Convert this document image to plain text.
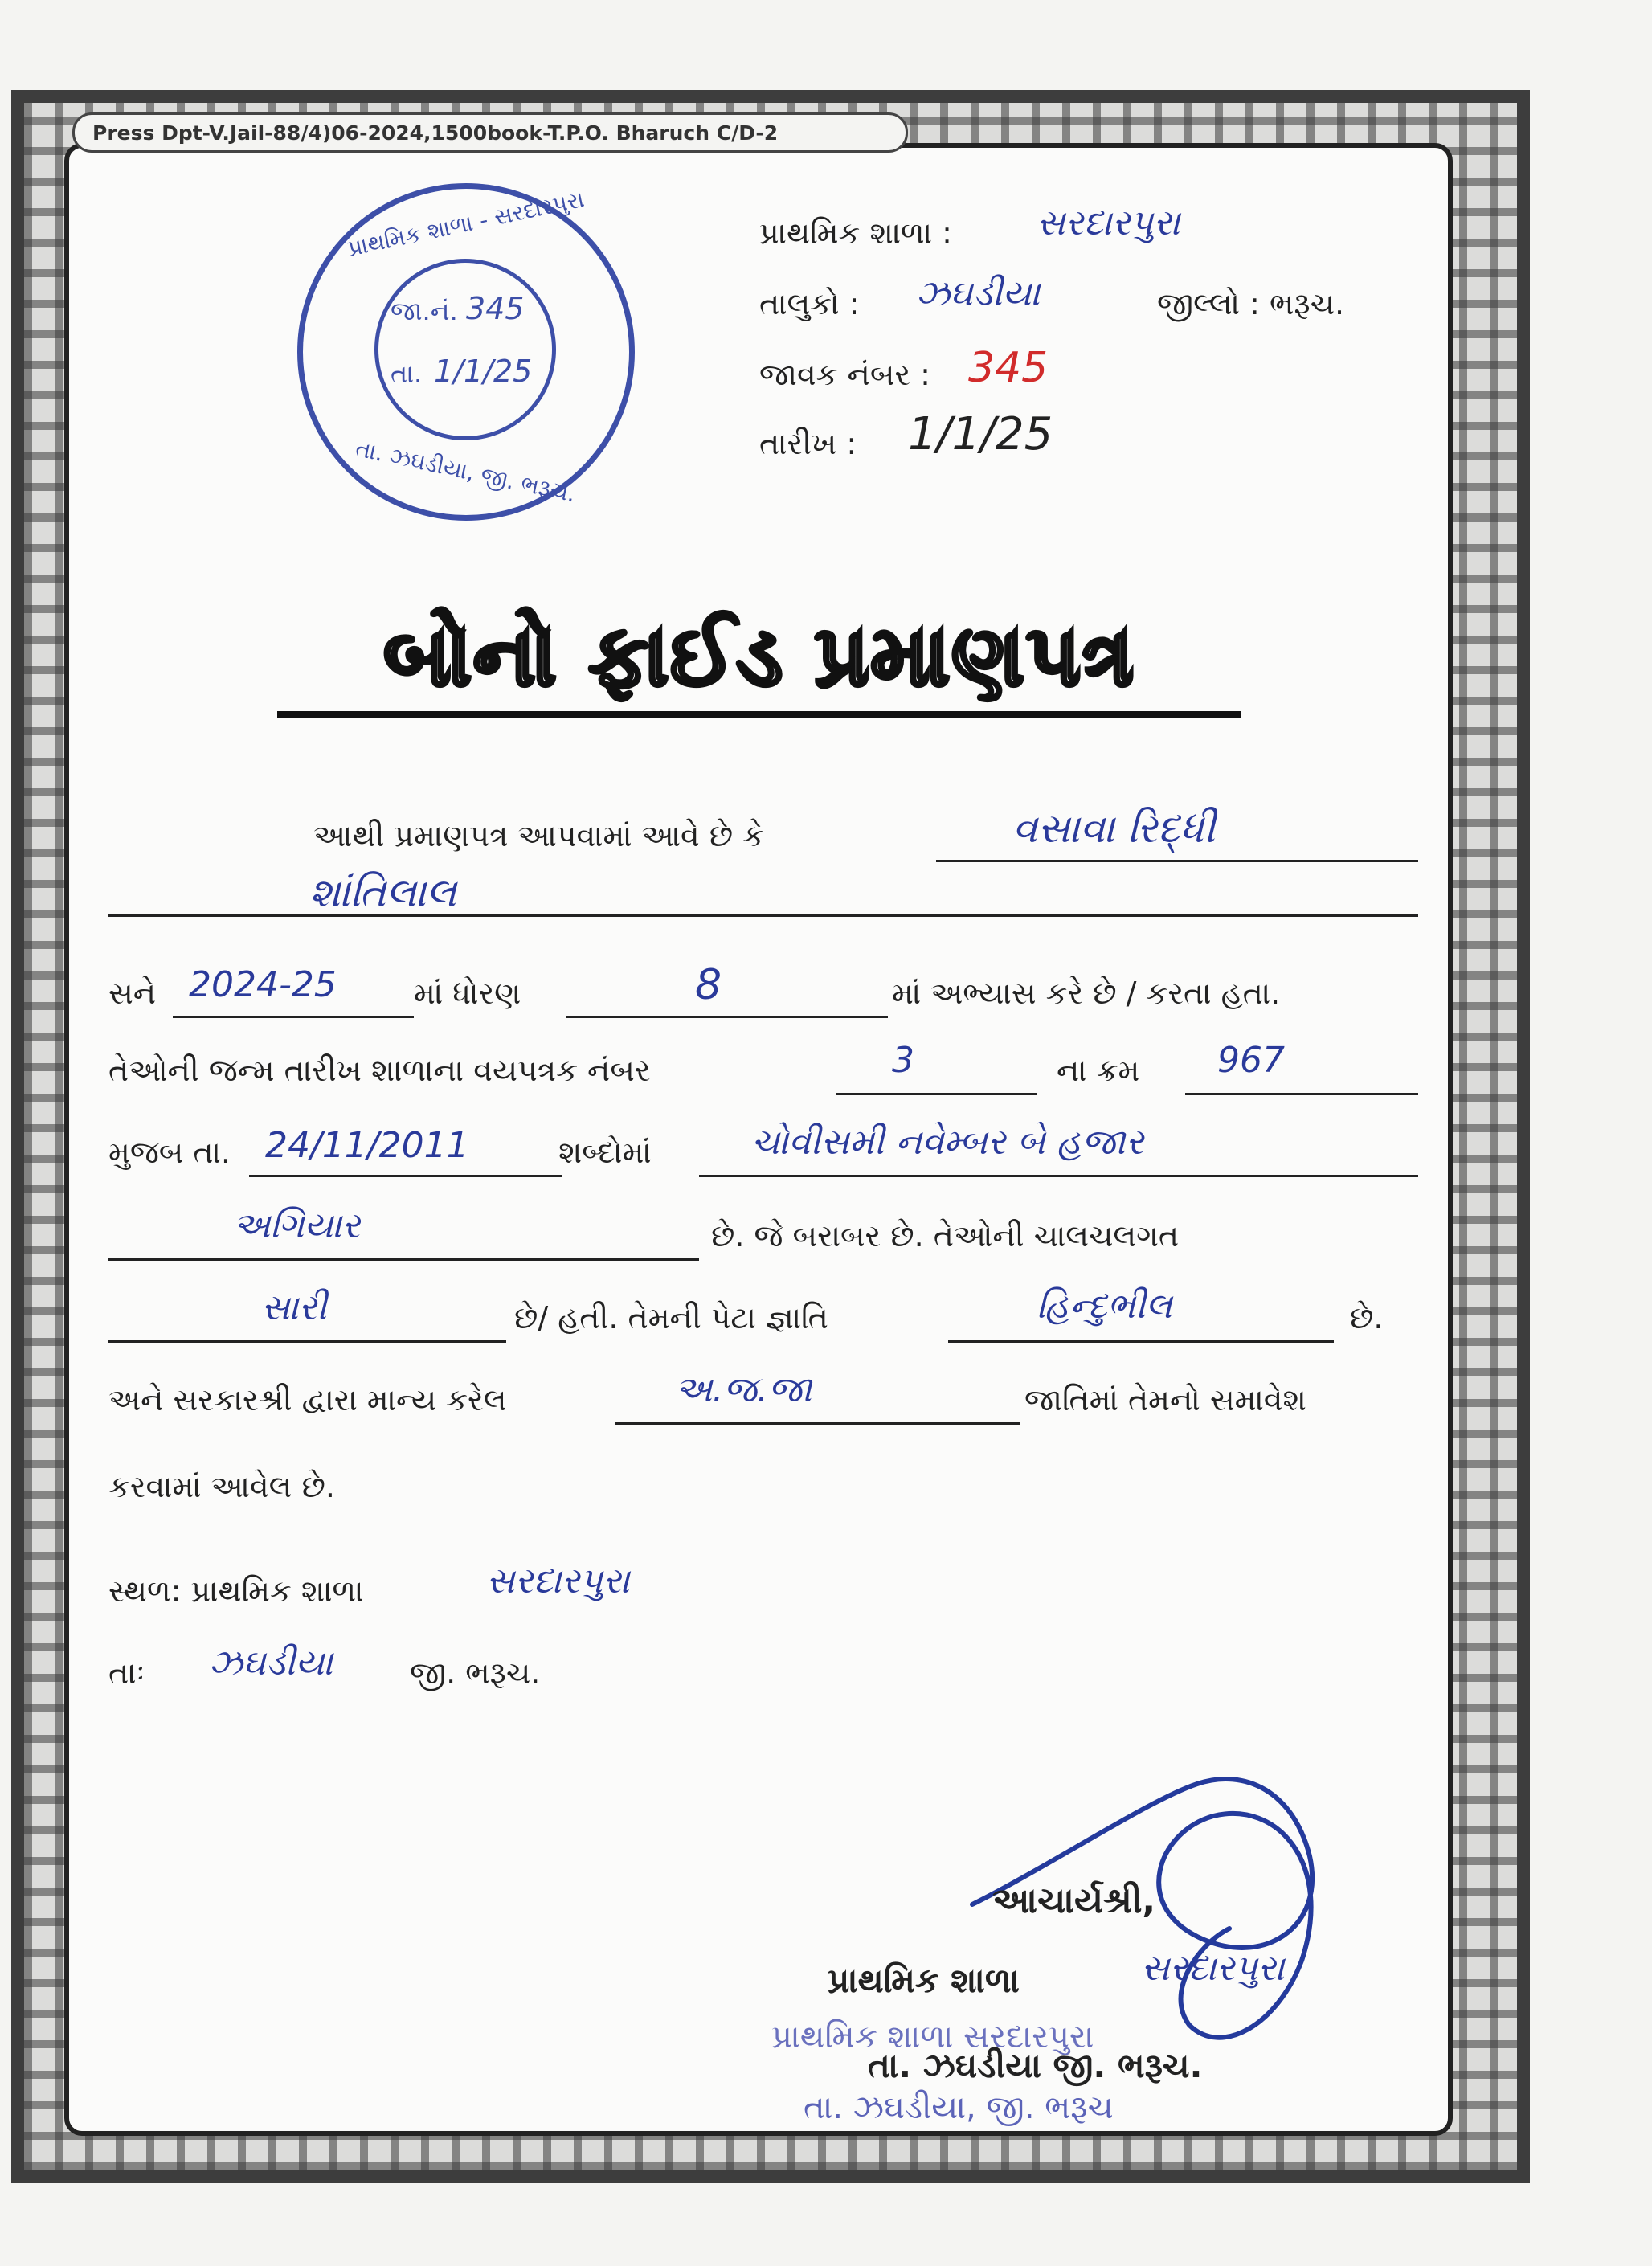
Press Dpt-V.Jail-88/4)06-2024,1500book-T.P.O. Bharuch C/D-2
પ્રાથમિક શાળા - સરદારપુરા
તા. ઝઘડીયા, જી. ભરૂચ.
જા.નં. 345
તા. 1/1/25
પ્રાથમિક શાળા : સરદારપુરા
તાલુકો : ઝઘડીયા	જીલ્લો : ભરૂચ.
જાવક નંબર : 345
તારીખ : 1/1/25
બોનો ફાઈડ પ્રમાણપત્ર
આથી પ્રમાણપત્ર આપવામાં આવે છે કે	વસાવા રિદ્ધી
શાંતિલાલ
સને 2024-25	માં ધોરણ	8	માં અભ્યાસ કરે છે / કરતા હતા.
તેઓની જન્મ તારીખ શાળાના વયપત્રક નંબર	3	ના ક્રમ 967
મુજબ તા. 24/11/2011	શબ્દોમાં	ચોવીસમી નવેમ્બર બે હજાર
અગિયાર	છે. જે બરાબર છે. તેઓની ચાલચલગત
સારી	છે/ હતી. તેમની પેટા જ્ઞાતિ	હિન્દુભીલ	છે.
અને સરકારશ્રી દ્વારા માન્ય કરેલ	અ.જ.જા	જાતિમાં તેમનો સમાવેશ
કરવામાં આવેલ છે.
સ્થળ: પ્રાથમિક શાળા	સરદારપુરા
તાઃ ઝઘડીયા	જી. ભરૂચ.
આચાર્યશ્રી,
પ્રાથમિક શાળા	સરદારપુરા
તા. ઝઘડીયા જી. ભરૂચ.
પ્રાથમિક શાળા સરદારપુરા
તા. ઝઘડીયા, જી. ભરૂચ
